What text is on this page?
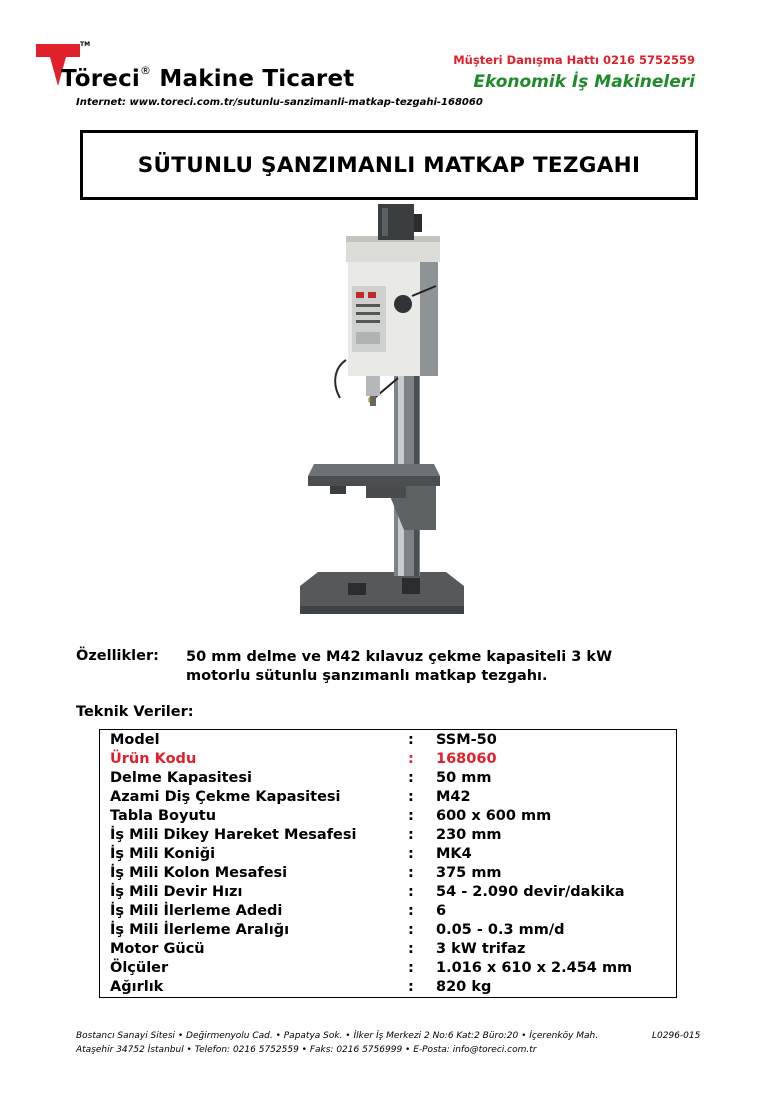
TM
Töreci® Makine Ticaret
Internet: www.toreci.com.tr/sutunlu-sanzimanli-matkap-tezgahi-168060
Müşteri Danışma Hattı 0216 5752559
Ekonomik İş Makineleri
SÜTUNLU ŞANZIMANLI MATKAP TEZGAHI
Özellikler: 50 mm delme ve M42 kılavuz çekme kapasiteli 3 kW motorlu sütunlu şanzımanlı matkap tezgahı.
Teknik Veriler:
Model	: SSM-50
Ürün Kodu	: 168060
Delme Kapasitesi	: 50 mm
Azami Diş Çekme Kapasitesi	: M42
Tabla Boyutu	: 600 x 600 mm
İş Mili Dikey Hareket Mesafesi	: 230 mm
İş Mili Koniği	: MK4
İş Mili Kolon Mesafesi	: 375 mm
İş Mili Devir Hızı	: 54 - 2.090 devir/dakika
İş Mili İlerleme Adedi	: 6
İş Mili İlerleme Aralığı	: 0.05 - 0.3 mm/d
Motor Gücü	: 3 kW trifaz
Ölçüler	: 1.016 x 610 x 2.454 mm
Ağırlık	: 820 kg
Bostancı Sanayi Sitesi • Değirmenyolu Cad. • Papatya Sok. • İlker İş Merkezi 2 No:6 Kat:2 Büro:20 • İçerenköy Mah.
Ataşehir 34752 İstanbul • Telefon: 0216 5752559 • Faks: 0216 5756999 • E-Posta: info@toreci.com.tr
L0296-015
